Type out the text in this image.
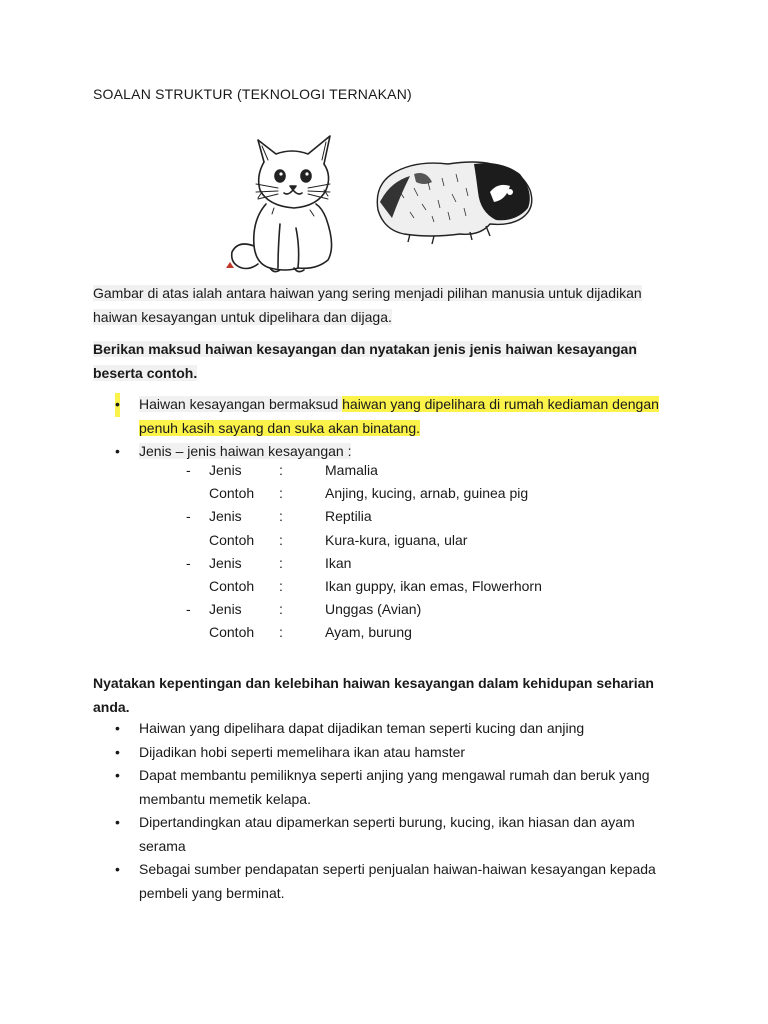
SOALAN STRUKTUR (TEKNOLOGI TERNAKAN)
Gambar di atas ialah antara haiwan yang sering menjadi pilihan manusia untuk dijadikan haiwan kesayangan untuk dipelihara dan dijaga.
Berikan maksud haiwan kesayangan dan nyatakan jenis jenis haiwan kesayangan beserta contoh.
• Haiwan kesayangan bermaksud haiwan yang dipelihara di rumah kediaman dengan penuh kasih sayang dan suka akan binatang.
• Jenis – jenis haiwan kesayangan :
- Jenis	:	Mamalia
Contoh :	Anjing, kucing, arnab, guinea pig
- Jenis	:	Reptilia
Contoh :	Kura-kura, iguana, ular
- Jenis	:	Ikan
Contoh :	Ikan guppy, ikan emas, Flowerhorn
- Jenis	:	Unggas (Avian)
Contoh :	Ayam, burung
Nyatakan kepentingan dan kelebihan haiwan kesayangan dalam kehidupan seharian anda.
• Haiwan yang dipelihara dapat dijadikan teman seperti kucing dan anjing
• Dijadikan hobi seperti memelihara ikan atau hamster
• Dapat membantu pemiliknya seperti anjing yang mengawal rumah dan beruk yang membantu memetik kelapa.
• Dipertandingkan atau dipamerkan seperti burung, kucing, ikan hiasan dan ayam serama
• Sebagai sumber pendapatan seperti penjualan haiwan-haiwan kesayangan kepada pembeli yang berminat.
